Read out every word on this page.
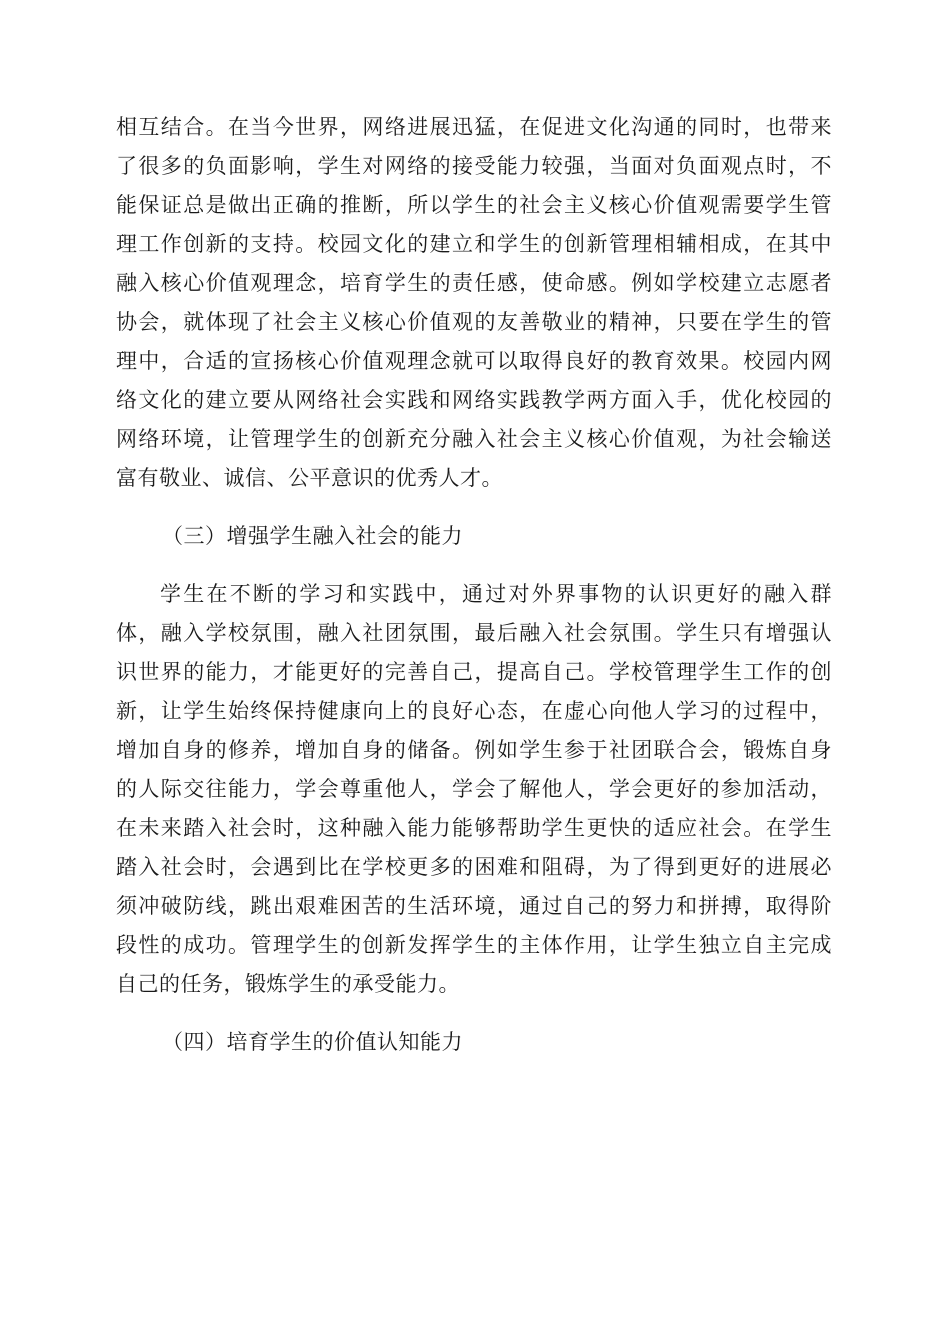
相互结合。在当今世界，网络进展迅猛，在促进文化沟通的同时，也带来
了很多的负面影响，学生对网络的接受能力较强，当面对负面观点时，不
能保证总是做出正确的推断，所以学生的社会主义核心价值观需要学生管
理工作创新的支持。校园文化的建立和学生的创新管理相辅相成，在其中
融入核心价值观理念，培育学生的责任感，使命感。例如学校建立志愿者
协会，就体现了社会主义核心价值观的友善敬业的精神，只要在学生的管
理中，合适的宣扬核心价值观理念就可以取得良好的教育效果。校园内网
络文化的建立要从网络社会实践和网络实践教学两方面入手，优化校园的
网络环境，让管理学生的创新充分融入社会主义核心价值观，为社会输送
富有敬业、诚信、公平意识的优秀人才。
（三）增强学生融入社会的能力
学生在不断的学习和实践中，通过对外界事物的认识更好的融入群
体，融入学校氛围，融入社团氛围，最后融入社会氛围。学生只有增强认
识世界的能力，才能更好的完善自己，提高自己。学校管理学生工作的创
新，让学生始终保持健康向上的良好心态，在虚心向他人学习的过程中，
增加自身的修养，增加自身的储备。例如学生参于社团联合会，锻炼自身
的人际交往能力，学会尊重他人，学会了解他人，学会更好的参加活动，
在未来踏入社会时，这种融入能力能够帮助学生更快的适应社会。在学生
踏入社会时，会遇到比在学校更多的困难和阻碍，为了得到更好的进展必
须冲破防线，跳出艰难困苦的生活环境，通过自己的努力和拼搏，取得阶
段性的成功。管理学生的创新发挥学生的主体作用，让学生独立自主完成
自己的任务，锻炼学生的承受能力。
（四）培育学生的价值认知能力
